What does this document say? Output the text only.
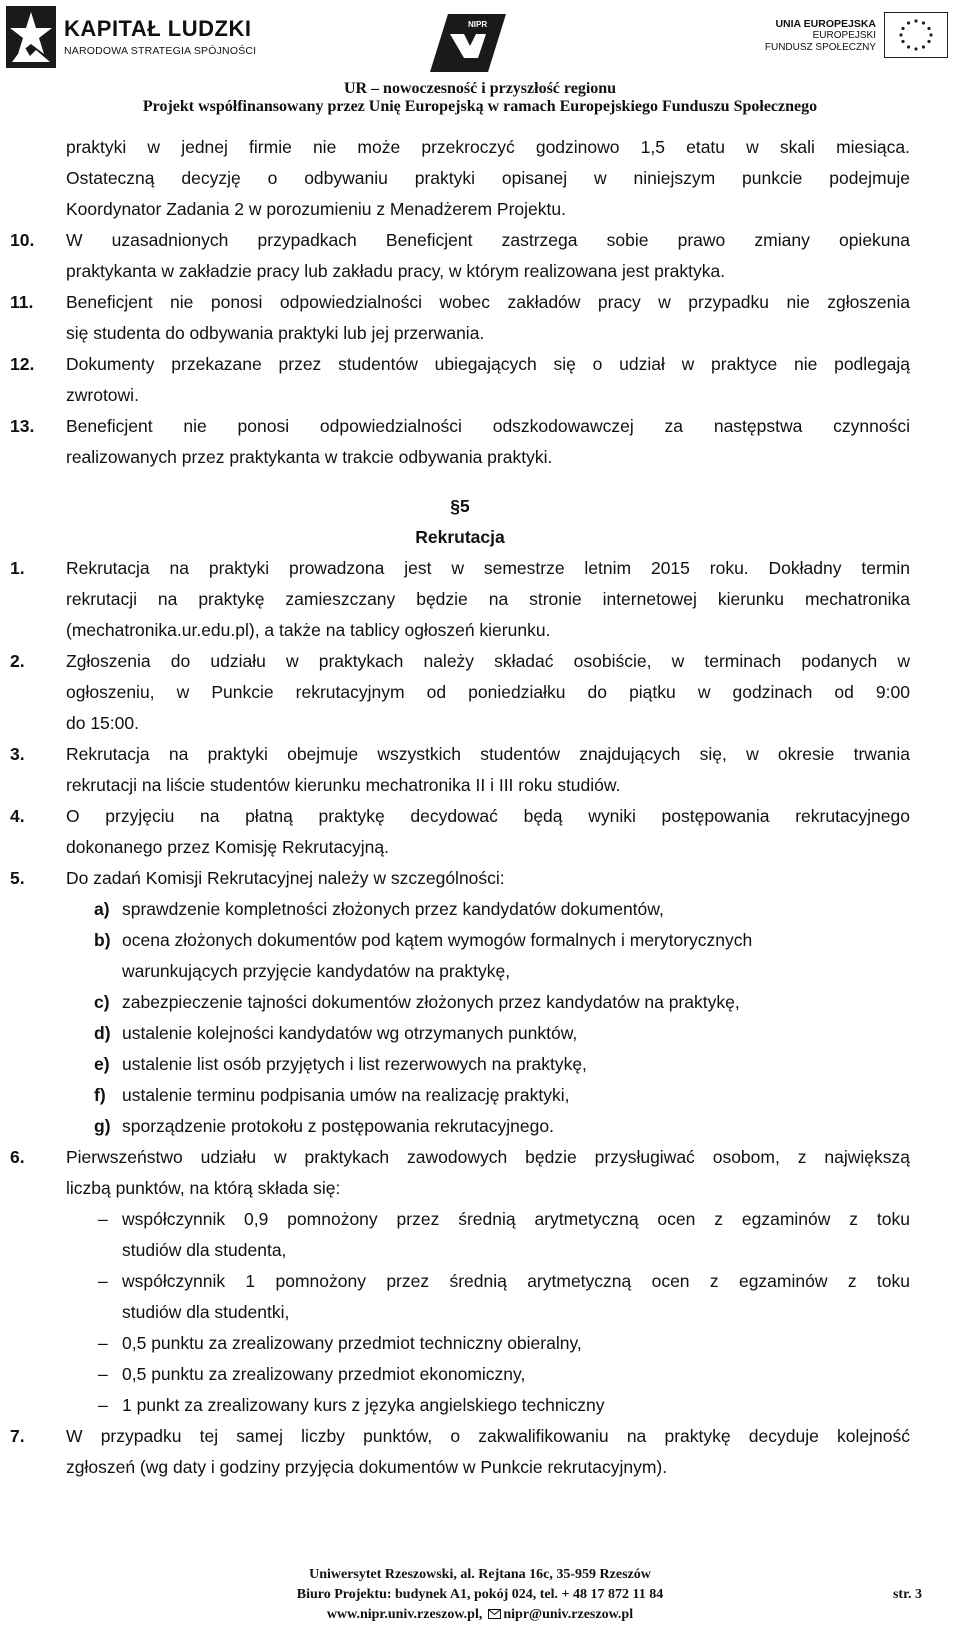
KAPITAŁ LUDZKI
NARODOWA STRATEGIA SPÓJNOŚCI
NIPR	UNIA EUROPEJSKA
EUROPEJSKI
FUNDUSZ SPOŁECZNY
UR – nowoczesność i przyszłość regionu
Projekt współfinansowany przez Unię Europejską w ramach Europejskiego Funduszu Społecznego
praktyki w jednej firmie nie może przekroczyć godzinowo 1,5 etatu w skali miesiąca.
Ostateczną decyzję o odbywaniu praktyki opisanej w niniejszym punkcie podejmuje
Koordynator Zadania 2 w porozumieniu z Menadżerem Projektu.
10. W uzasadnionych przypadkach Beneficjent zastrzega sobie prawo zmiany opiekuna
praktykanta w zakładzie pracy lub zakładu pracy, w którym realizowana jest praktyka.
11. Beneficjent nie ponosi odpowiedzialności wobec zakładów pracy w przypadku nie zgłoszenia
się studenta do odbywania praktyki lub jej przerwania.
12. Dokumenty przekazane przez studentów ubiegających się o udział w praktyce nie podlegają
zwrotowi.
13. Beneficjent nie ponosi odpowiedzialności odszkodowawczej za następstwa czynności
realizowanych przez praktykanta w trakcie odbywania praktyki.
§5
Rekrutacja
1. Rekrutacja na praktyki prowadzona jest w semestrze letnim 2015 roku. Dokładny termin
rekrutacji na praktykę zamieszczany będzie na stronie internetowej kierunku mechatronika
(mechatronika.ur.edu.pl), a także na tablicy ogłoszeń kierunku.
2. Zgłoszenia do udziału w praktykach należy składać osobiście, w terminach podanych w
ogłoszeniu, w Punkcie rekrutacyjnym od poniedziałku do piątku w godzinach od 9:00
do 15:00.
3. Rekrutacja na praktyki obejmuje wszystkich studentów znajdujących się, w okresie trwania
rekrutacji na liście studentów kierunku mechatronika II i III roku studiów.
4. O przyjęciu na płatną praktykę decydować będą wyniki postępowania rekrutacyjnego
dokonanego przez Komisję Rekrutacyjną.
5. Do zadań Komisji Rekrutacyjnej należy w szczególności:
a) sprawdzenie kompletności złożonych przez kandydatów dokumentów,
b) ocena złożonych dokumentów pod kątem wymogów formalnych i merytorycznych
warunkujących przyjęcie kandydatów na praktykę,
c) zabezpieczenie tajności dokumentów złożonych przez kandydatów na praktykę,
d) ustalenie kolejności kandydatów wg otrzymanych punktów,
e) ustalenie list osób przyjętych i list rezerwowych na praktykę,
f) ustalenie terminu podpisania umów na realizację praktyki,
g) sporządzenie protokołu z postępowania rekrutacyjnego.
6. Pierwszeństwo udziału w praktykach zawodowych będzie przysługiwać osobom, z największą
liczbą punktów, na którą składa się:
– współczynnik 0,9 pomnożony przez średnią arytmetyczną ocen z egzaminów z toku
studiów dla studenta,
– współczynnik 1 pomnożony przez średnią arytmetyczną ocen z egzaminów z toku
studiów dla studentki,
– 0,5 punktu za zrealizowany przedmiot techniczny obieralny,
– 0,5 punktu za zrealizowany przedmiot ekonomiczny,
– 1 punkt za zrealizowany kurs z języka angielskiego techniczny
7. W przypadku tej samej liczby punktów, o zakwalifikowaniu na praktykę decyduje kolejność
zgłoszeń (wg daty i godziny przyjęcia dokumentów w Punkcie rekrutacyjnym).
Uniwersytet Rzeszowski, al. Rejtana 16c, 35-959 Rzeszów
Biuro Projektu: budynek A1, pokój 024, tel. + 48 17 872 11 84
www.nipr.univ.rzeszow.pl, nipr@univ.rzeszow.pl
str. 3
